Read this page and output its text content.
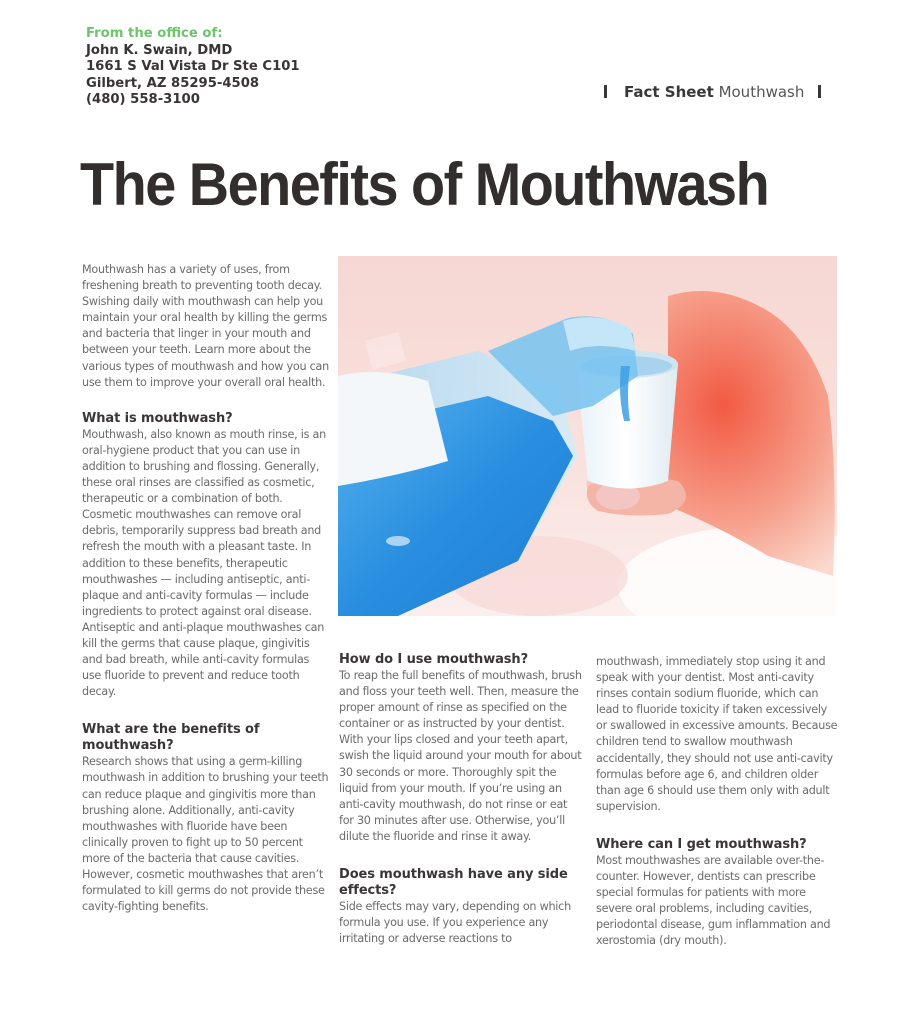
From the office of:
John K. Swain, DMD
1661 S Val Vista Dr Ste C101
Gilbert, AZ 85295-4508
(480) 558-3100	Fact Sheet Mouthwash
The Benefits of Mouthwash

Mouthwash has a variety of uses, from freshening breath to preventing tooth decay. Swishing daily with mouthwash can help you maintain your oral health by killing the germs and bacteria that linger in your mouth and between your teeth. Learn more about the various types of mouthwash and how you can use them to improve your overall oral health.

What is mouthwash?

Mouthwash, also known as mouth rinse, is an oral-hygiene product that you can use in addition to brushing and flossing. Generally, these oral rinses are classified as cosmetic, therapeutic or a combination of both. Cosmetic mouthwashes can remove oral debris, temporarily suppress bad breath and refresh the mouth with a pleasant taste. In addition to these benefits, therapeutic mouthwashes — including antiseptic, anti-plaque and anti-cavity formulas — include ingredients to protect against oral disease. Antiseptic and anti-plaque mouthwashes can kill the germs that cause plaque, gingivitis and bad breath, while anti-cavity formulas use fluoride to prevent and reduce tooth decay.

What are the benefits of mouthwash?

Research shows that using a germ-killing mouthwash in addition to brushing your teeth can reduce plaque and gingivitis more than brushing alone. Additionally, anti-cavity mouthwashes with fluoride have been clinically proven to fight up to 50 percent more of the bacteria that cause cavities. However, cosmetic mouthwashes that aren’t formulated to kill germs do not provide these cavity-fighting benefits.

How do I use mouthwash?

To reap the full benefits of mouthwash, brush and floss your teeth well. Then, measure the proper amount of rinse as specified on the container or as instructed by your dentist. With your lips closed and your teeth apart, swish the liquid around your mouth for about 30 seconds or more. Thoroughly spit the liquid from your mouth. If you’re using an anti-cavity mouthwash, do not rinse or eat for 30 minutes after use. Otherwise, you’ll dilute the fluoride and rinse it away.

Does mouthwash have any side effects?

Side effects may vary, depending on which formula you use. If you experience any irritating or adverse reactions to

mouthwash, immediately stop using it and speak with your dentist. Most anti-cavity rinses contain sodium fluoride, which can lead to fluoride toxicity if taken excessively or swallowed in excessive amounts. Because children tend to swallow mouthwash accidentally, they should not use anti-cavity formulas before age 6, and children older than age 6 should use them only with adult supervision.

Where can I get mouthwash?

Most mouthwashes are available over-the-counter. However, dentists can prescribe special formulas for patients with more severe oral problems, including cavities, periodontal disease, gum inflammation and xerostomia (dry mouth).
